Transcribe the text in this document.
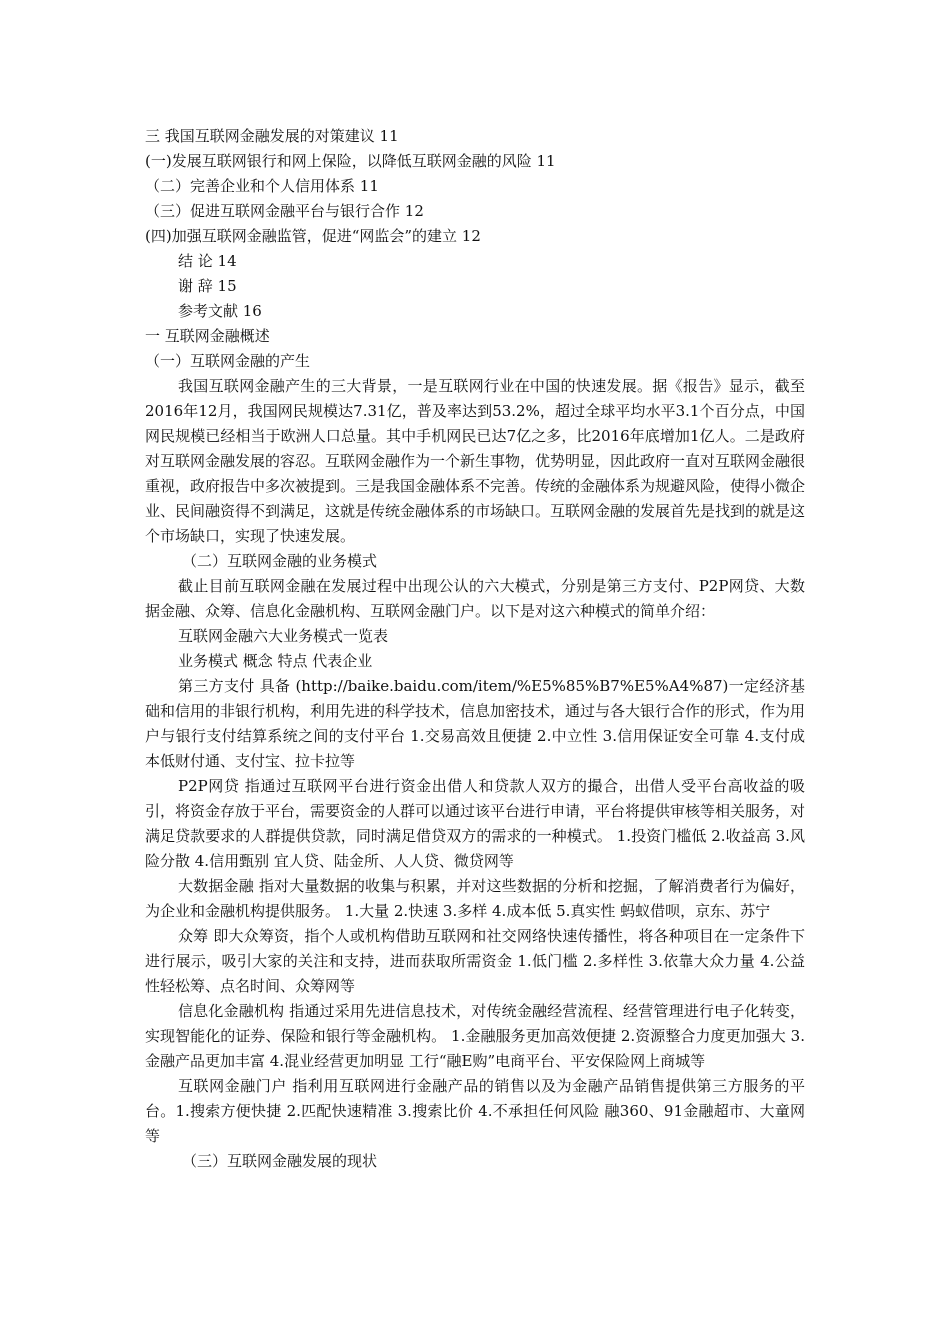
三 我国互联网金融发展的对策建议 11
(一)发展互联网银行和网上保险，以降低互联网金融的风险 11
（二）完善企业和个人信用体系 11
（三）促进互联网金融平台与银行合作 12
(四)加强互联网金融监管，促进“网监会”的建立 12
结 论 14
谢 辞 15
参考文献 16
一 互联网金融概述
（一）互联网金融的产生

我国互联网金融产生的三大背景，一是互联网行业在中国的快速发展。据《报告》显示，截至2016年12月，我国网民规模达7.31亿，普及率达到53.2%，超过全球平均水平3.1个百分点，中国网民规模已经相当于欧洲人口总量。其中手机网民已达7亿之多，比2016年底增加1亿人。二是政府对互联网金融发展的容忍。互联网金融作为一个新生事物，优势明显，因此政府一直对互联网金融很重视，政府报告中多次被提到。三是我国金融体系不完善。传统的金融体系为规避风险，使得小微企业、民间融资得不到满足，这就是传统金融体系的市场缺口。互联网金融的发展首先是找到的就是这个市场缺口，实现了快速发展。

（二）互联网金融的业务模式

截止目前互联网金融在发展过程中出现公认的六大模式，分别是第三方支付、P2P网贷、大数据金融、众筹、信息化金融机构、互联网金融门户。以下是对这六种模式的简单介绍：

互联网金融六大业务模式一览表
业务模式 概念 特点 代表企业

第三方支付 具备 (http://baike.baidu.com/item/%E5%85%B7%E5%A4%87)一定经济基础和信用的非银行机构，利用先进的科学技术，信息加密技术，通过与各大银行合作的形式，作为用户与银行支付结算系统之间的支付平台 1.交易高效且便捷 2.中立性 3.信用保证安全可靠 4.支付成本低财付通、支付宝、拉卡拉等

P2P网贷 指通过互联网平台进行资金出借人和贷款人双方的撮合，出借人受平台高收益的吸引，将资金存放于平台，需要资金的人群可以通过该平台进行申请，平台将提供审核等相关服务，对满足贷款要求的人群提供贷款，同时满足借贷双方的需求的一种模式。 1.投资门槛低 2.收益高 3.风险分散 4.信用甄别 宜人贷、陆金所、人人贷、微贷网等

大数据金融 指对大量数据的收集与积累，并对这些数据的分析和挖掘，了解消费者行为偏好，为企业和金融机构提供服务。 1.大量 2.快速 3.多样 4.成本低 5.真实性 蚂蚁借呗，京东、苏宁

众筹 即大众筹资，指个人或机构借助互联网和社交网络快速传播性，将各种项目在一定条件下进行展示，吸引大家的关注和支持，进而获取所需资金 1.低门槛 2.多样性 3.依靠大众力量 4.公益性轻松筹、点名时间、众筹网等

信息化金融机构 指通过采用先进信息技术，对传统金融经营流程、经营管理进行电子化转变，实现智能化的证券、保险和银行等金融机构。 1.金融服务更加高效便捷 2.资源整合力度更加强大 3.金融产品更加丰富 4.混业经营更加明显 工行“融E购”电商平台、平安保险网上商城等

互联网金融门户 指利用互联网进行金融产品的销售以及为金融产品销售提供第三方服务的平台。1.搜索方便快捷 2.匹配快速精准 3.搜索比价 4.不承担任何风险 融360、91金融超市、大童网等

（三）互联网金融发展的现状
